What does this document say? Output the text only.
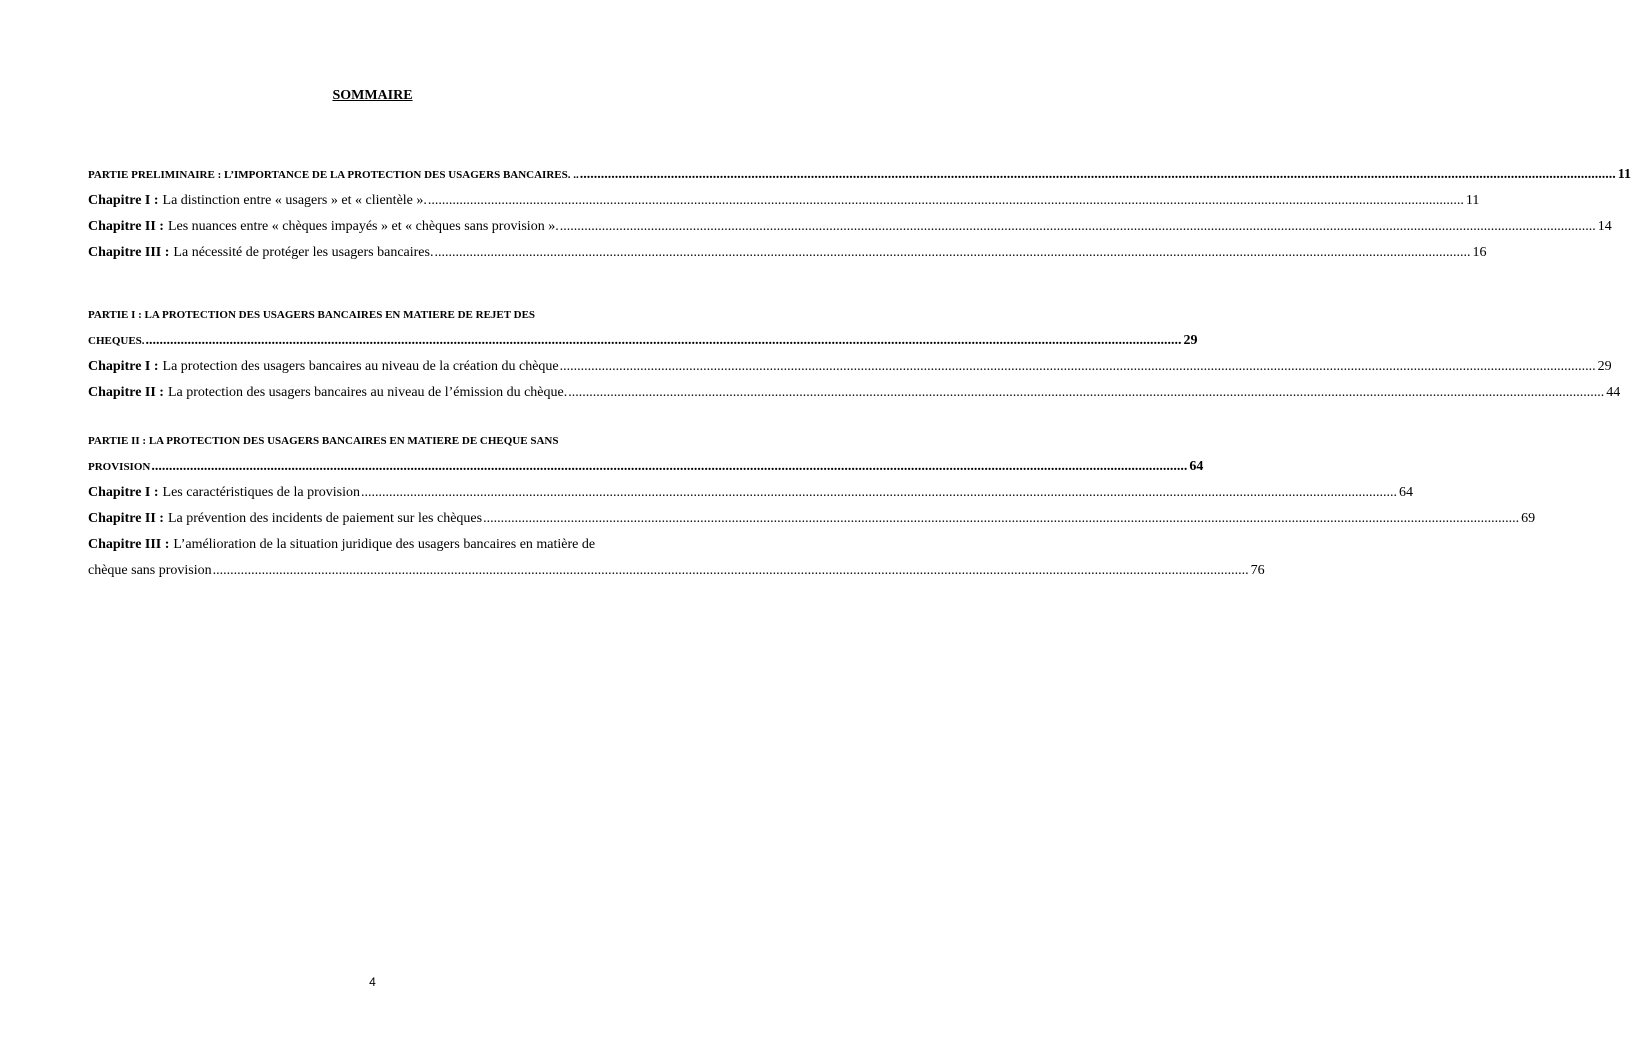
SOMMAIRE
PARTIE PRELIMINAIRE : L’IMPORTANCE DE LA PROTECTION DES USAGERS BANCAIRES. .. .....	11
Chapitre I : La distinction entre « usagers » et « clientèle ». .....	11
Chapitre II : Les nuances entre « chèques impayés » et « chèques sans provision ». .....	14
Chapitre III : La nécessité de protéger les usagers bancaires. .....	16
PARTIE I : LA PROTECTION DES USAGERS BANCAIRES EN MATIERE DE REJET DES
CHEQUES. .....	29
Chapitre I : La protection des usagers bancaires au niveau de la création du chèque .....	29
Chapitre II : La protection des usagers bancaires au niveau de l’émission du chèque. .....	44
PARTIE II : LA PROTECTION DES USAGERS BANCAIRES EN MATIERE DE CHEQUE SANS
PROVISION .....	64
Chapitre I : Les caractéristiques de la provision .....	64
Chapitre II : La prévention des incidents de paiement sur les chèques .....	69
Chapitre III : L’amélioration de la situation juridique des usagers bancaires en matière de
chèque sans provision .....	76
4
